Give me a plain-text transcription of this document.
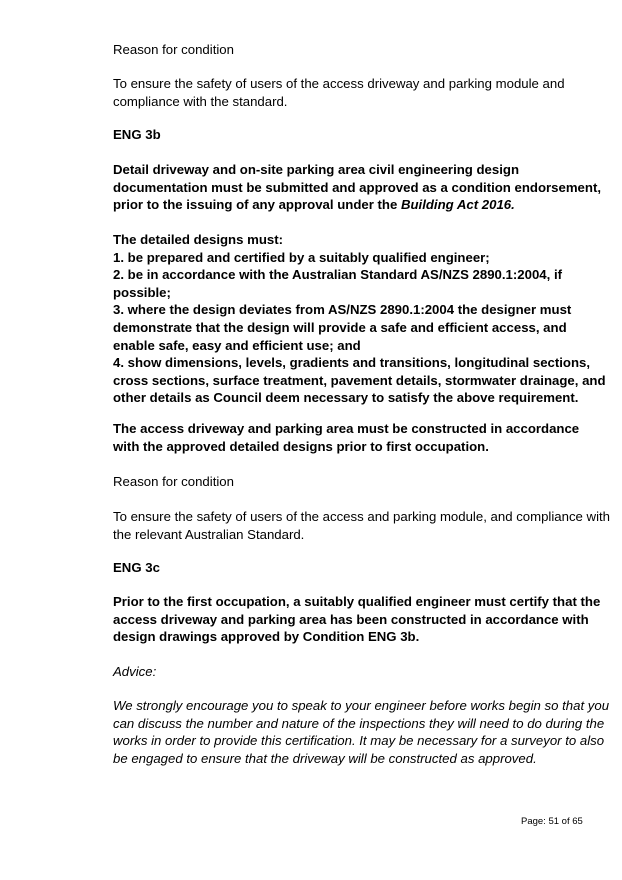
Reason for condition

To ensure the safety of users of the access driveway and parking module and
compliance with the standard.

ENG 3b

Detail driveway and on-site parking area civil engineering design
documentation must be submitted and approved as a condition endorsement,
prior to the issuing of any approval under the Building Act 2016.

The detailed designs must:
1. be prepared and certified by a suitably qualified engineer;
2. be in accordance with the Australian Standard AS/NZS 2890.1:2004, if
possible;
3. where the design deviates from AS/NZS 2890.1:2004 the designer must
demonstrate that the design will provide a safe and efficient access, and
enable safe, easy and efficient use; and
4. show dimensions, levels, gradients and transitions, longitudinal sections,
cross sections, surface treatment, pavement details, stormwater drainage, and
other details as Council deem necessary to satisfy the above requirement.

The access driveway and parking area must be constructed in accordance
with the approved detailed designs prior to first occupation.

Reason for condition

To ensure the safety of users of the access and parking module, and compliance with
the relevant Australian Standard.

ENG 3c

Prior to the first occupation, a suitably qualified engineer must certify that the
access driveway and parking area has been constructed in accordance with
design drawings approved by Condition ENG 3b.

Advice:

We strongly encourage you to speak to your engineer before works begin so that you
can discuss the number and nature of the inspections they will need to do during the
works in order to provide this certification. It may be necessary for a surveyor to also
be engaged to ensure that the driveway will be constructed as approved.

Page: 51 of 65
